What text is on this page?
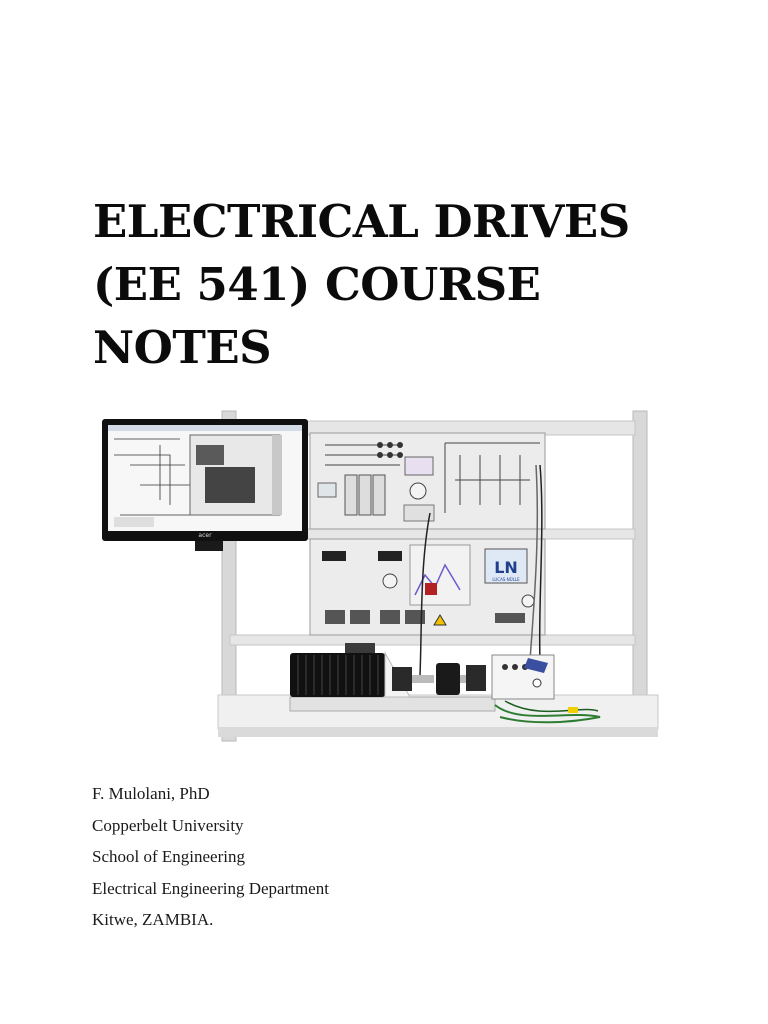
ELECTRICAL DRIVES
(EE 541) COURSE
NOTES
LN
LUCAS-NÜLLE
acer
F. Mulolani, PhD
Copperbelt University
School of Engineering
Electrical Engineering Department
Kitwe, ZAMBIA.
